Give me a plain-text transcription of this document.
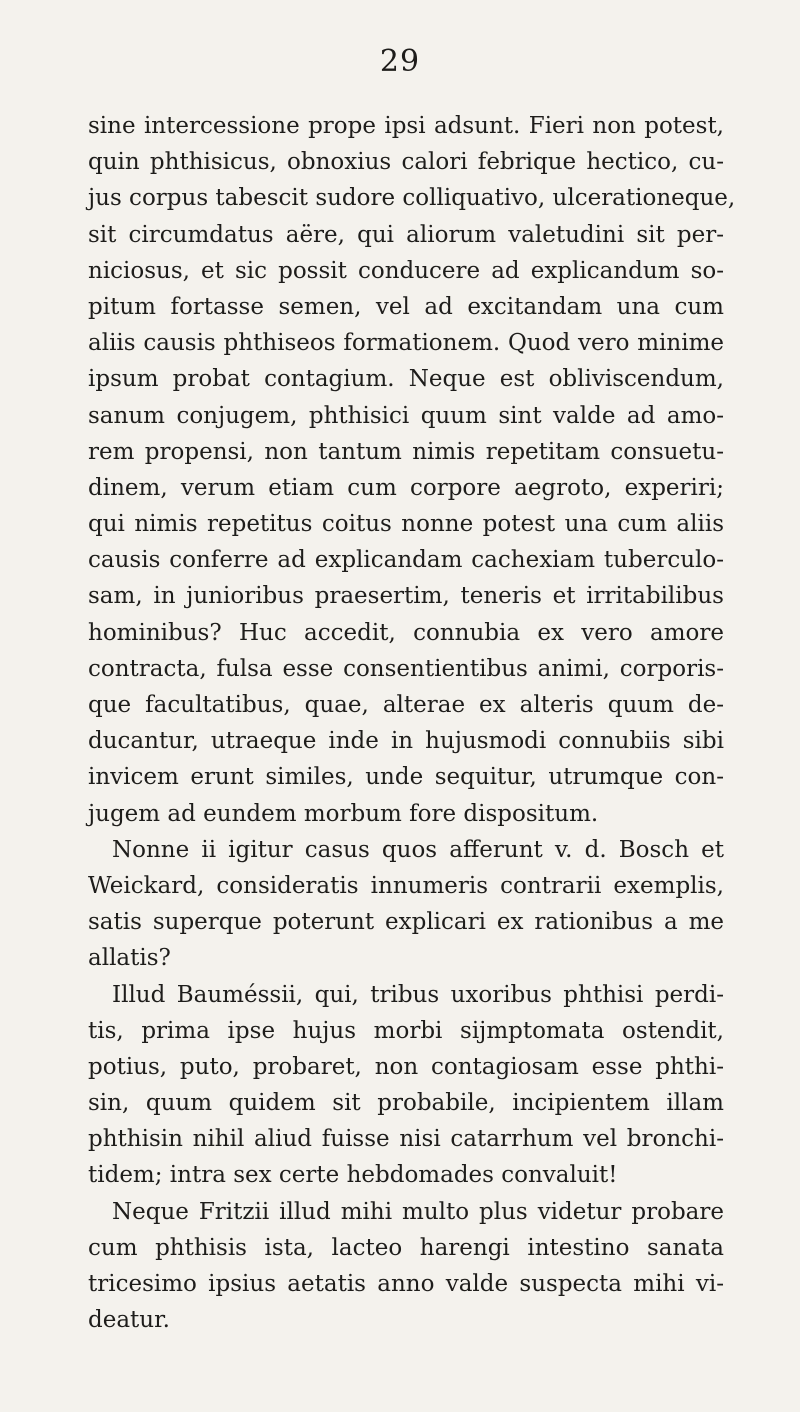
29
sine intercessione prope ipsi adsunt. Fieri non potest,
quin phthisicus, obnoxius calori febrique hectico, cu-
jus corpus tabescit sudore colliquativo, ulcerationeque,
sit circumdatus aëre, qui aliorum valetudini sit per-
niciosus, et sic possit conducere ad explicandum so-
pitum fortasse semen, vel ad excitandam una cum
aliis causis phthiseos formationem. Quod vero minime
ipsum probat contagium. Neque est obliviscendum,
sanum conjugem, phthisici quum sint valde ad amo-
rem propensi, non tantum nimis repetitam consuetu-
dinem, verum etiam cum corpore aegroto, experiri;
qui nimis repetitus coitus nonne potest una cum aliis
causis conferre ad explicandam cachexiam tuberculo-
sam, in junioribus praesertim, teneris et irritabilibus
hominibus? Huc accedit, connubia ex vero amore
contracta, fulsa esse consentientibus animi, corporis-
que facultatibus, quae, alterae ex alteris quum de-
ducantur, utraeque inde in hujusmodi connubiis sibi
invicem erunt similes, unde sequitur, utrumque con-
jugem ad eundem morbum fore dispositum.
Nonne ii igitur casus quos afferunt v. d. Bosch et
Weickard, consideratis innumeris contrarii exemplis,
satis superque poterunt explicari ex rationibus a me
allatis?
Illud Bauméssii, qui, tribus uxoribus phthisi perdi-
tis, prima ipse hujus morbi sijmptomata ostendit,
potius, puto, probaret, non contagiosam esse phthi-
sin, quum quidem sit probabile, incipientem illam
phthisin nihil aliud fuisse nisi catarrhum vel bronchi-
tidem; intra sex certe hebdomades convaluit!
Neque Fritzii illud mihi multo plus videtur probare
cum phthisis ista, lacteo harengi intestino sanata
tricesimo ipsius aetatis anno valde suspecta mihi vi-
deatur.
